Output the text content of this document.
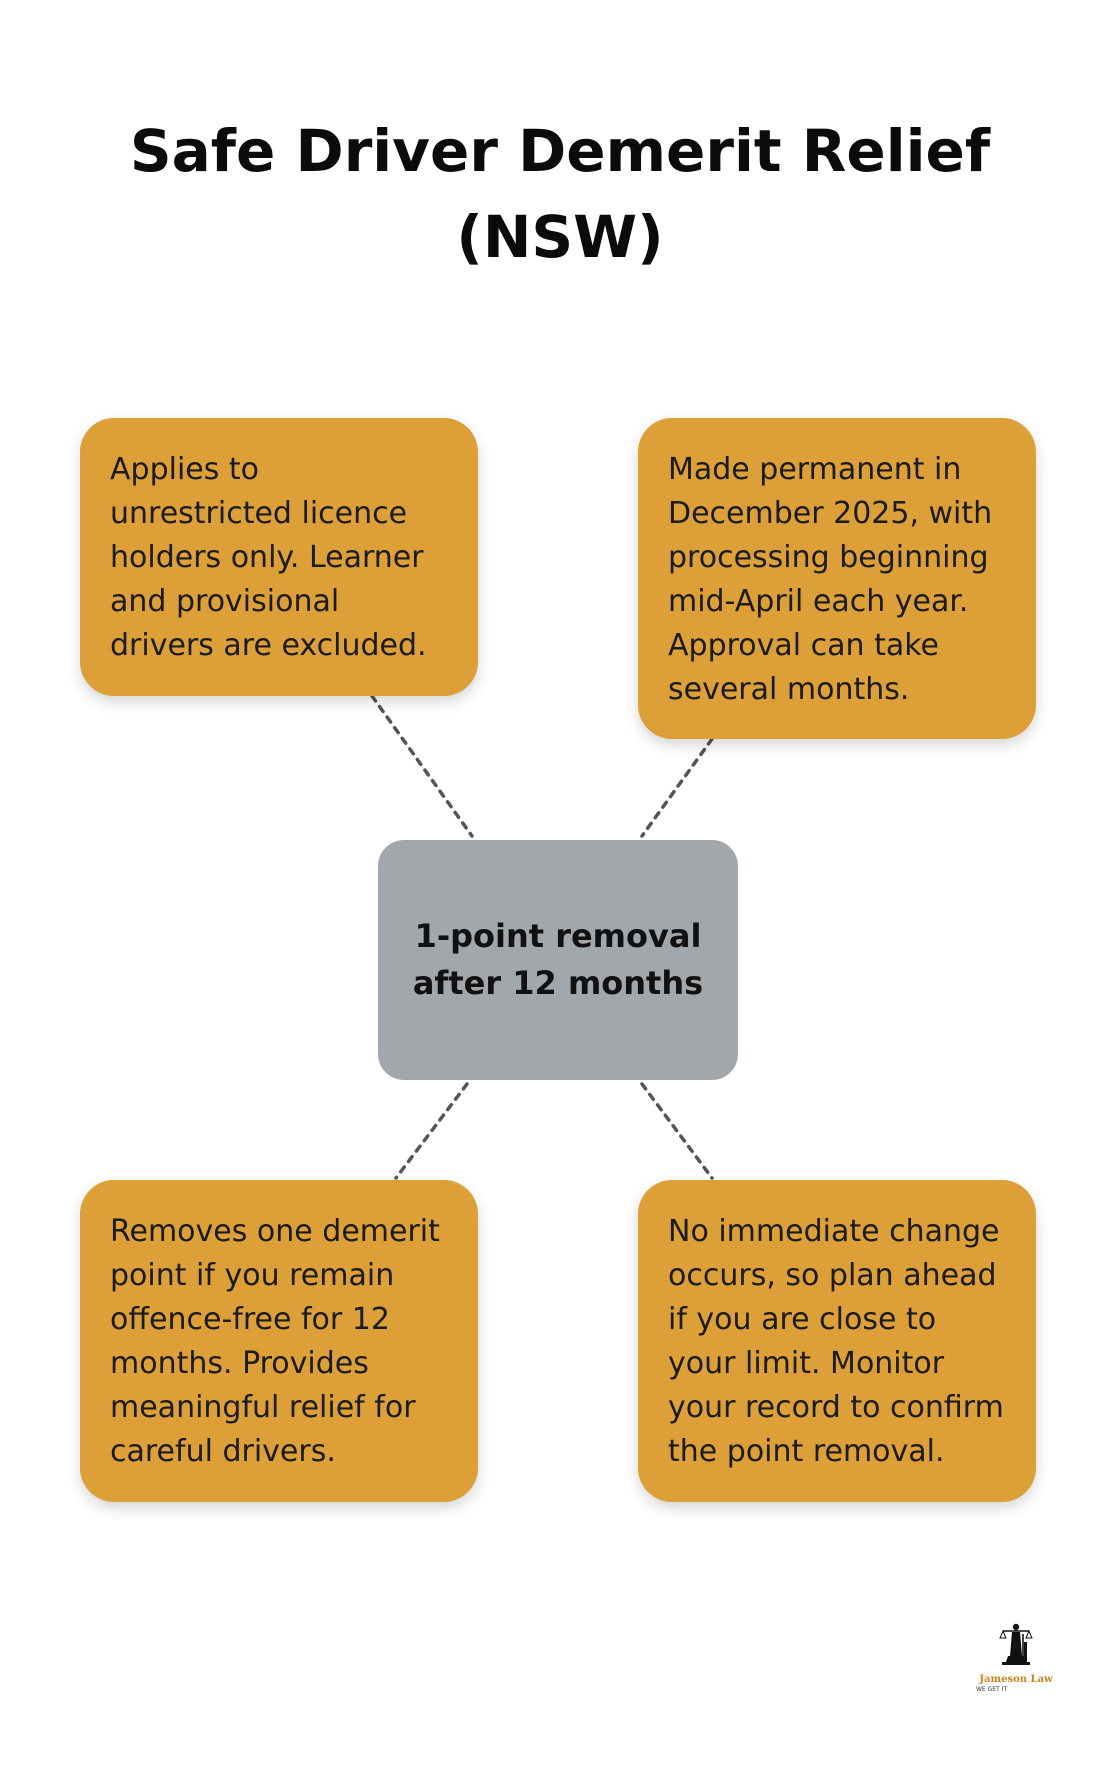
Safe Driver Demerit Relief
(NSW)
Applies to unrestricted licence holders only. Learner and provisional drivers are excluded.
Made permanent in December 2025, with processing beginning mid-April each year. Approval can take several months.
1-point removal after 12 months
Removes one demerit point if you remain offence-free for 12 months. Provides meaningful relief for careful drivers.
No immediate change occurs, so plan ahead if you are close to your limit. Monitor your record to confirm the point removal.
Jameson Law
WE GET IT
